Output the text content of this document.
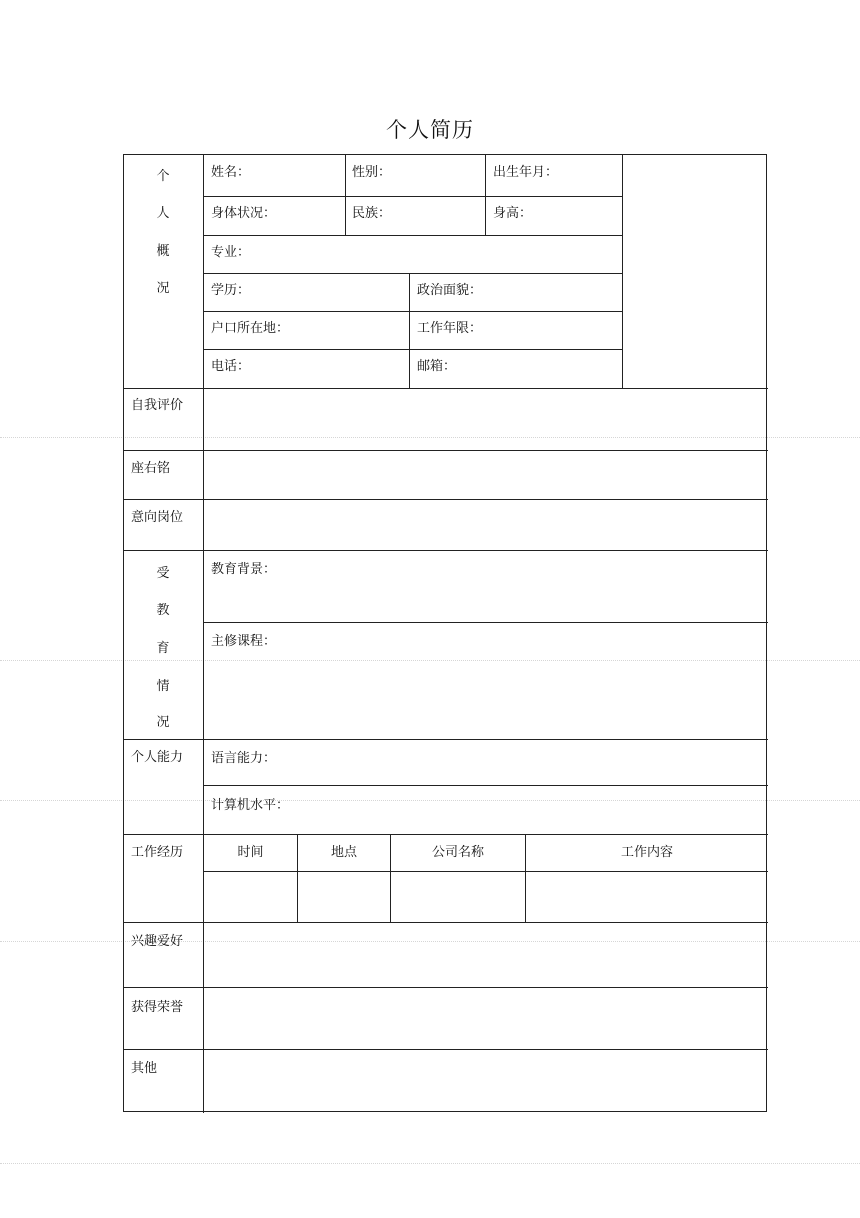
个人简历
个
人
概
况
姓名：	性别：	出生年月：
身体状况：	民族：	身高：
专业：
学历：	政治面貌：
户口所在地：	工作年限：
电话：	邮箱：
自我评价
座右铭
意向岗位
受
教
育
情
况
教育背景：
主修课程：
个人能力 语言能力：
计算机水平：
工作经历	时间	地点	公司名称	工作内容
兴趣爱好
获得荣誉
其他
